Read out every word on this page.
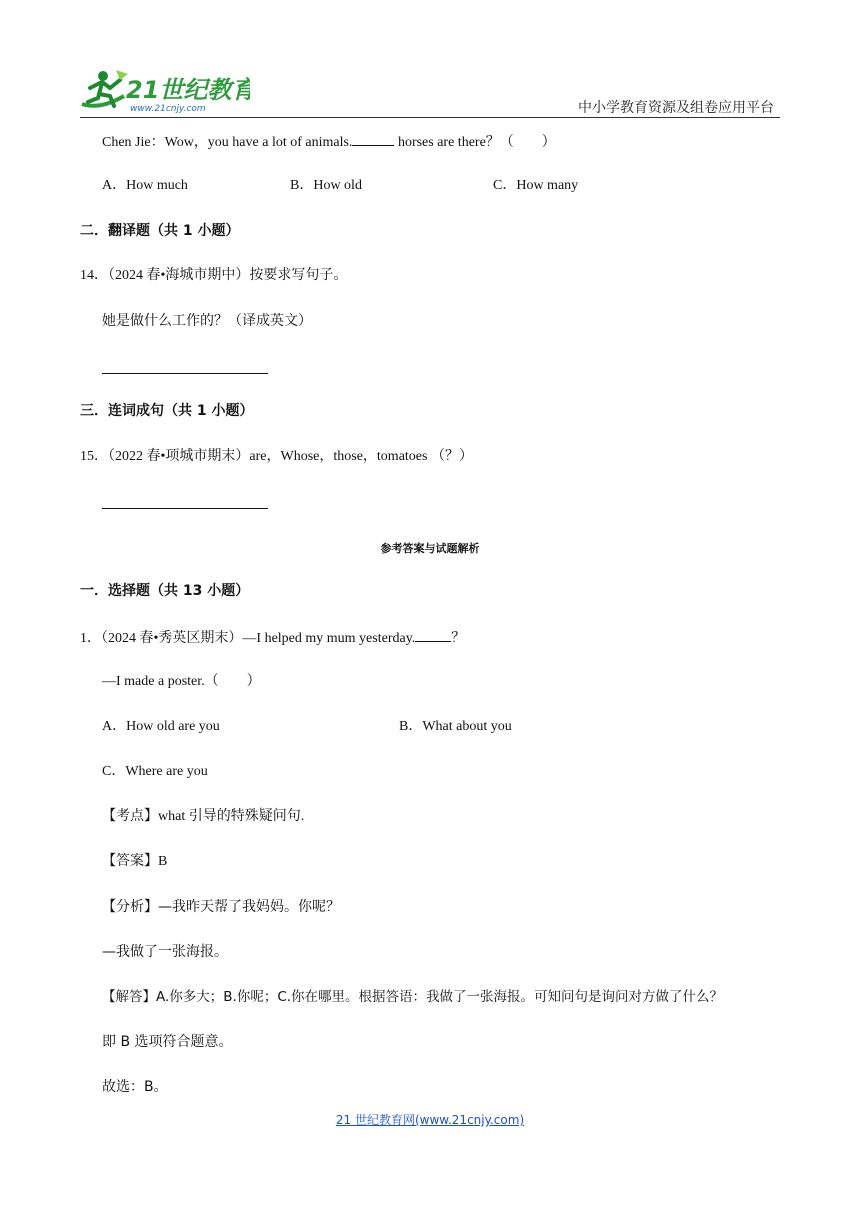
21世纪教育
www.21cnjy.com	中小学教育资源及组卷应用平台
Chen Jie：Wow，you have a lot of animals.	horses are there？（　　）
A．How much	B．How old	C．How many
二．翻译题（共 1 小题）
14．（2024 春•海城市期中）按要求写句子。
她是做什么工作的？（译成英文）
三．连词成句（共 1 小题）
15．（2022 春•项城市期末）are，Whose，those，tomatoes （？）
参考答案与试题解析
一．选择题（共 13 小题）
1．（2024 春•秀英区期末）—I helped my mum yesterday.	？
—I made a poster.（　　）
A．How old are you	B．What about you
C．Where are you
【考点】what 引导的特殊疑问句.
【答案】B
【分析】—我昨天帮了我妈妈。你呢？
—我做了一张海报。
【解答】A.你多大；B.你呢；C.你在哪里。根据答语：我做了一张海报。可知问句是询问对方做了什么？
即 B 选项符合题意。
故选：B。
21 世纪教育网(www.21cnjy.com)
